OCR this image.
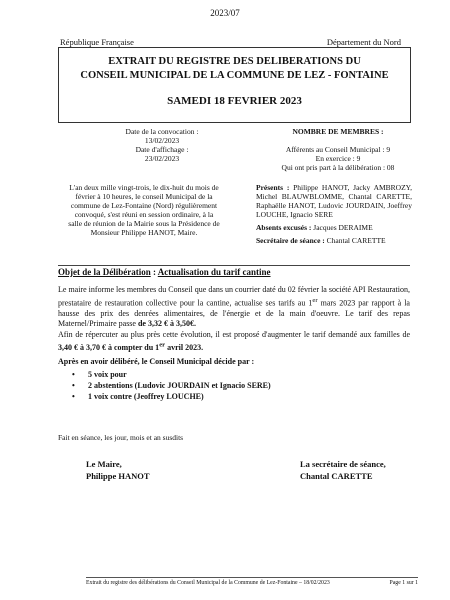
2023/07
République Française	Département du Nord
EXTRAIT DU REGISTRE DES DELIBERATIONS DU
CONSEIL MUNICIPAL DE LA COMMUNE DE LEZ - FONTAINE
SAMEDI 18 FEVRIER 2023
Date de la convocation :
13/02/2023
Date d'affichage :
23/02/2023
NOMBRE DE MEMBRES :
Afférents au Conseil Municipal : 9
En exercice : 9
Qui ont pris part à la délibération : 08
L'an deux mille vingt-trois, le dix-huit du mois de février à 10 heures, le conseil Municipal de la commune de Lez-Fontaine (Nord) régulièrement convoqué, s'est réuni en session ordinaire, à la salle de réunion de la Mairie sous la Présidence de Monsieur Philippe HANOT, Maire.
Présents : Philippe HANOT, Jacky AMBROZY, Michel BLAUWBLOMME, Chantal CARETTE, Raphaëlle HANOT, Ludovic JOURDAIN, Joeffrey LOUCHE, Ignacio SERE
Absents excusés : Jacques DERAIME
Secrétaire de séance : Chantal CARETTE
Objet de la Délibération : Actualisation du tarif cantine
Le maire informe les membres du Conseil que dans un courrier daté du 02 février la société API Restauration, prestataire de restauration collective pour la cantine, actualise ses tarifs au 1er mars 2023 par rapport à la hausse des prix des denrées alimentaires, de l'énergie et de la main d'oeuvre. Le tarif des repas Maternel/Primaire passe de 3,32 € à 3,50€.
Afin de répercuter au plus près cette évolution, il est proposé d'augmenter le tarif demandé aux familles de 3,40 € à 3,70 € à compter du 1er avril 2023.
Après en avoir délibéré, le Conseil Municipal décide par :
• 5 voix pour
• 2 abstentions (Ludovic JOURDAIN et Ignacio SERE)
• 1 voix contre (Jeoffrey LOUCHE)
Fait en séance, les jour, mois et an susdits
Le Maire,
Philippe HANOT
La secrétaire de séance,
Chantal CARETTE
Extrait du registre des délibérations du Conseil Municipal de la Commune de Lez-Fontaine – 18/02/2023	Page 1 sur 1
